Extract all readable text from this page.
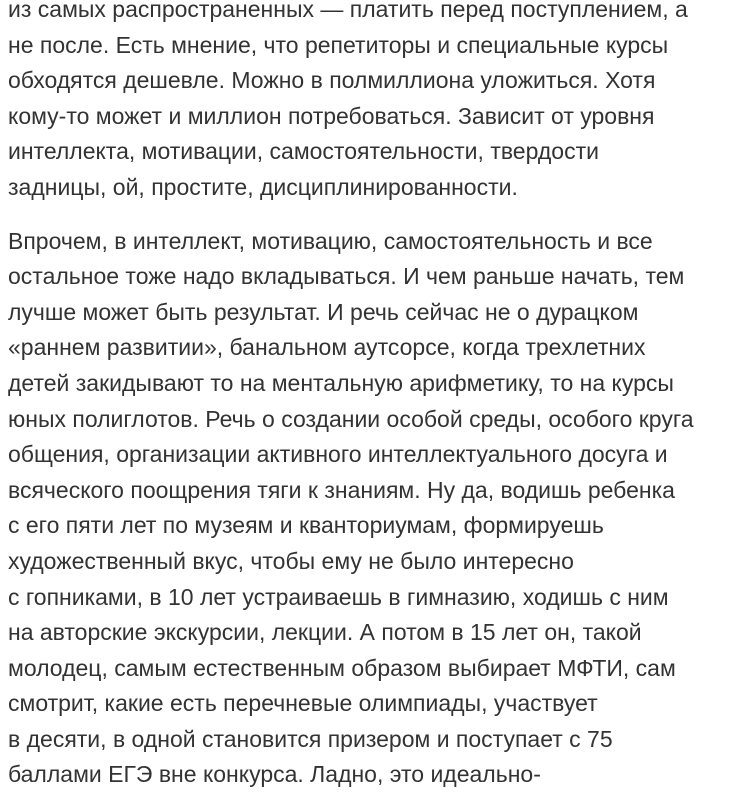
из самых распространенных — платить перед поступлением, а
не после. Есть мнение, что репетиторы и специальные курсы
обходятся дешевле. Можно в полмиллиона уложиться. Хотя
кому-то может и миллион потребоваться. Зависит от уровня
интеллекта, мотивации, самостоятельности, твердости
задницы, ой, простите, дисциплинированности.

Впрочем, в интеллект, мотивацию, самостоятельность и все
остальное тоже надо вкладываться. И чем раньше начать, тем
лучше может быть результат. И речь сейчас не о дурацком
«раннем развитии», банальном аутсорсе, когда трехлетних
детей закидывают то на ментальную арифметику, то на курсы
юных полиглотов. Речь о создании особой среды, особого круга
общения, организации активного интеллектуального досуга и
всяческого поощрения тяги к знаниям. Ну да, водишь ребенка
с его пяти лет по музеям и кванториумам, формируешь
художественный вкус, чтобы ему не было интересно
с гопниками, в 10 лет устраиваешь в гимназию, ходишь с ним
на авторские экскурсии, лекции. А потом в 15 лет он, такой
молодец, самым естественным образом выбирает МФТИ, сам
смотрит, какие есть перечневые олимпиады, участвует
в десяти, в одной становится призером и поступает с 75
баллами ЕГЭ вне конкурса. Ладно, это идеально-
